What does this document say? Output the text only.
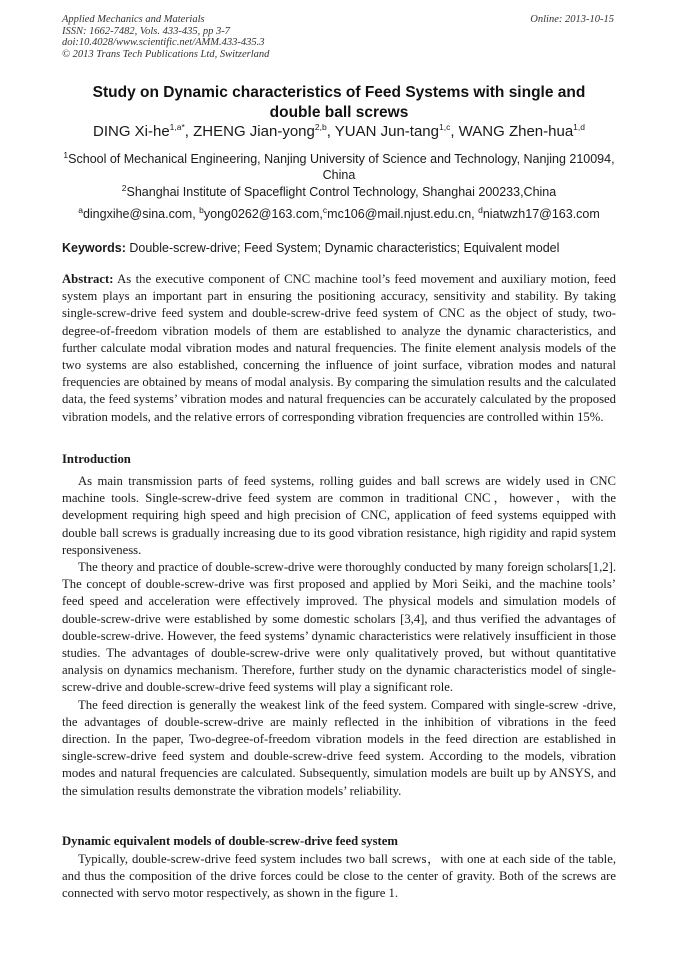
Applied Mechanics and Materials
ISSN: 1662-7482, Vols. 433-435, pp 3-7
doi:10.4028/www.scientific.net/AMM.433-435.3
© 2013 Trans Tech Publications Ltd, Switzerland
Online: 2013-10-15
Study on Dynamic characteristics of Feed Systems with single and
double ball screws
DING $Xi-he^{1,a*}$, ZHENG Jian-yong$^{2,b}$, YUAN Jun-tang$^{1,c}$, WANG Zhen-hua$^{1,d}$
$^1$School of Mechanical Engineering, Nanjing University of Science and Technology, Nanjing 210094,
China
$^2$Shanghai Institute of Spaceflight Control Technology, Shanghai 200233,China
$^a$dingxihe@sina.com, $^b$yong0262@163.com,$^c$mc106@mail.njust.edu.cn, $^d$niatwzh17@163.com
Keywords: Double-screw-drive; Feed System; Dynamic characteristics; Equivalent model
Abstract: As the executive component of CNC machine tool’s feed movement and auxiliary motion, feed system plays an important part in ensuring the positioning accuracy, sensitivity and stability. By taking single-screw-drive feed system and double-screw-drive feed system of CNC as the object of study, two-degree-of-freedom vibration models of them are established to analyze the dynamic characteristics, and further calculate modal vibration modes and natural frequencies. The finite element analysis models of the two systems are also established, concerning the influence of joint surface, vibration modes and natural frequencies are obtained by means of modal analysis. By comparing the simulation results and the calculated data, the feed systems’ vibration modes and natural frequencies can be accurately calculated by the proposed vibration models, and the relative errors of corresponding vibration frequencies are controlled within 15%.
Introduction

As main transmission parts of feed systems, rolling guides and ball screws are widely used in CNC machine tools. Single-screw-drive feed system are common in traditional CNC，however，with the development requiring high speed and high precision of CNC, application of feed systems equipped with double ball screws is gradually increasing due to its good vibration resistance, high rigidity and rapid system responsiveness.

The theory and practice of double-screw-drive were thoroughly conducted by many foreign scholars[1,2]. The concept of double-screw-drive was first proposed and applied by Mori Seiki, and the machine tools’ feed speed and acceleration were effectively improved. The physical models and simulation models of double-screw-drive were established by some domestic scholars [3,4], and thus verified the advantages of double-screw-drive. However, the feed systems’ dynamic characteristics were relatively insufficient in those studies. The advantages of double-screw-drive were only qualitatively proved, but without quantitative analysis on dynamics mechanism. Therefore, further study on the dynamic characteristics model of single-screw-drive and double-screw-drive feed systems will play a significant role.

The feed direction is generally the weakest link of the feed system. Compared with single-screw -drive, the advantages of double-screw-drive are mainly reflected in the inhibition of vibrations in the feed direction. In the paper, Two-degree-of-freedom vibration models in the feed direction are established in single-screw-drive feed system and double-screw-drive feed system. According to the models, vibration modes and natural frequencies are calculated. Subsequently, simulation models are built up by ANSYS, and the simulation results demonstrate the vibration models’ reliability.

Dynamic equivalent models of double-screw-drive feed system

Typically, double-screw-drive feed system includes two ball screws，with one at each side of the table, and thus the composition of the drive forces could be close to the center of gravity. Both of the screws are connected with servo motor respectively, as shown in the figure 1.
